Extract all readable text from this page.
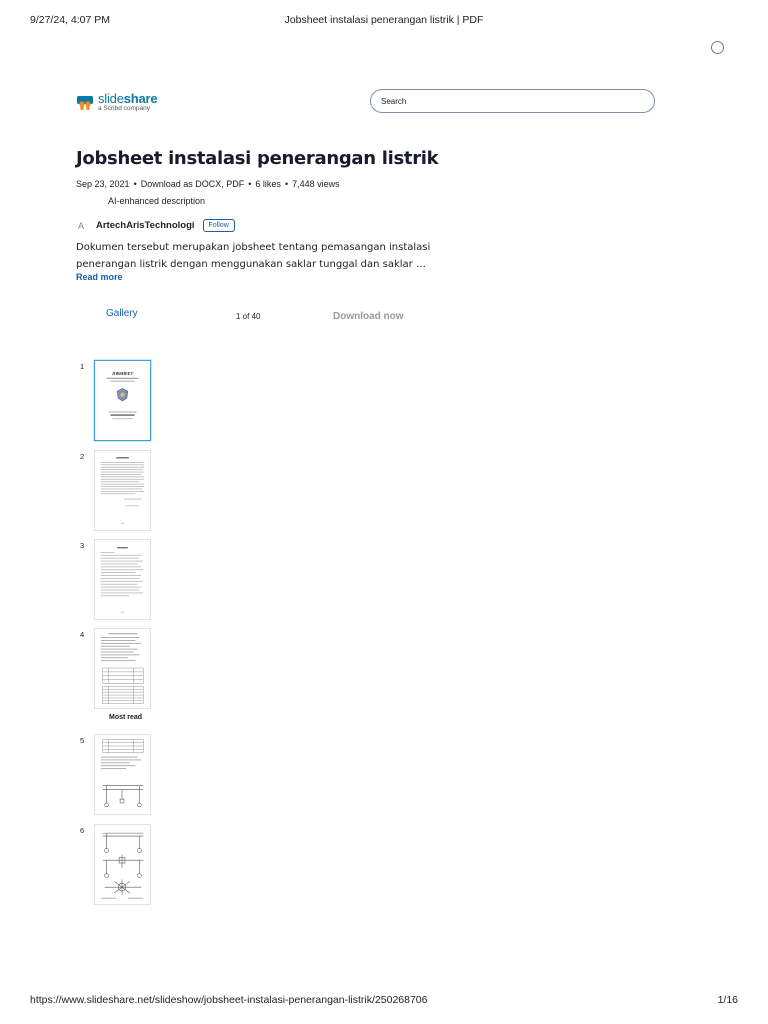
Jobsheet instalasi penerangan listrik | PDF
9/27/24, 4:07 PM
slideshare
a Scribd company
Search
Jobsheet instalasi penerangan listrik
Sep 23, 2021 • Download as DOCX, PDF • 6 likes • 7,448 views
AI-enhanced description
A	ArtechArisTechnologi	Follow
Dokumen tersebut merupakan jobsheet tentang pemasangan instalasi
penerangan listrik dengan menggunakan saklar tunggal dan saklar …
Read more
Gallery	1 of 40	Download now
1
JOBSHEET
2
3
4
Most read
5
6
https://www.slideshare.net/slideshow/jobsheet-instalasi-penerangan-listrik/250268706	1/16
